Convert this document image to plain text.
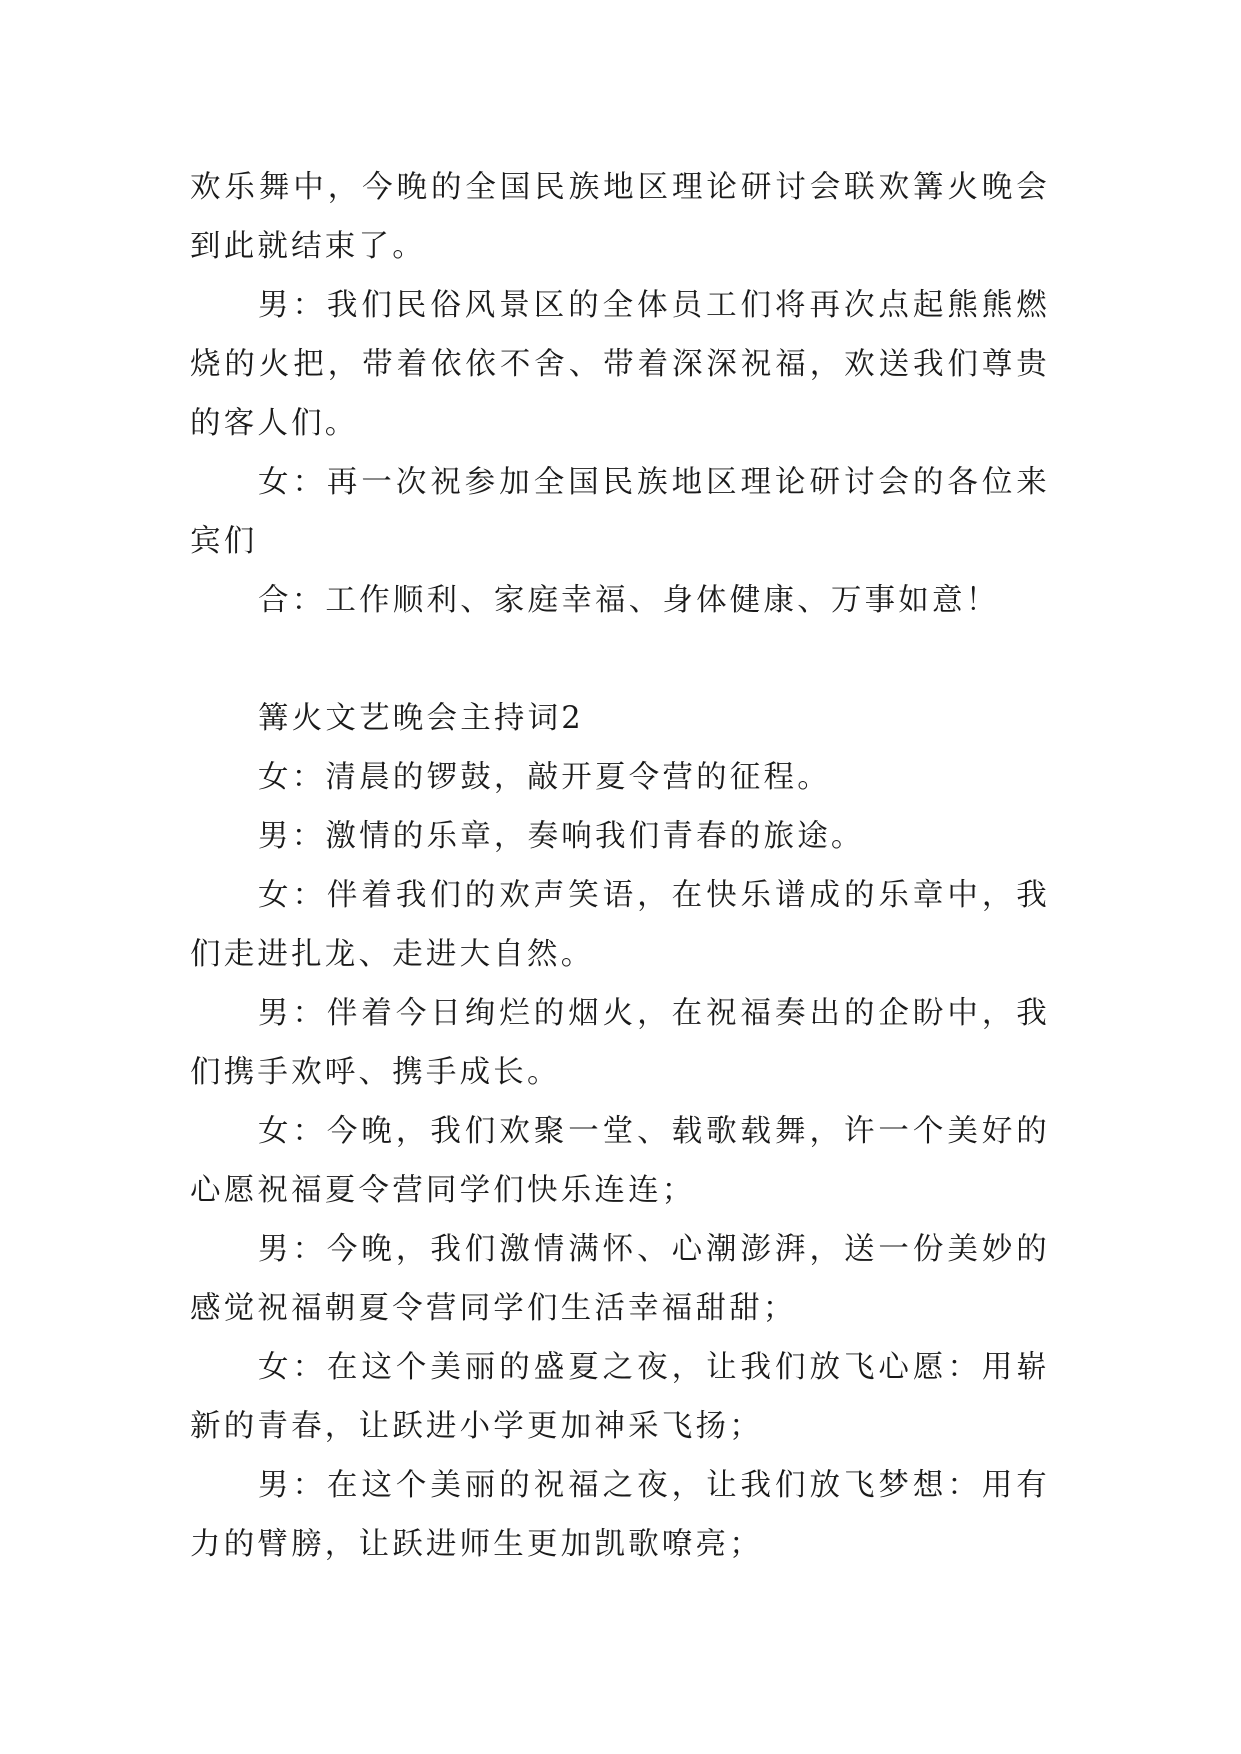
欢乐舞中，今晚的全国民族地区理论研讨会联欢篝火晚会到此就结束了。

男：我们民俗风景区的全体员工们将再次点起熊熊燃烧的火把，带着依依不舍、带着深深祝福，欢送我们尊贵的客人们。

女：再一次祝参加全国民族地区理论研讨会的各位来宾们

合：工作顺利、家庭幸福、身体健康、万事如意！

篝火文艺晚会主持词2

女：清晨的锣鼓，敲开夏令营的征程。

男：激情的乐章，奏响我们青春的旅途。

女：伴着我们的欢声笑语，在快乐谱成的乐章中，我们走进扎龙、走进大自然。

男：伴着今日绚烂的烟火，在祝福奏出的企盼中，我们携手欢呼、携手成长。

女：今晚，我们欢聚一堂、载歌载舞，许一个美好的心愿祝福夏令营同学们快乐连连；

男：今晚，我们激情满怀、心潮澎湃，送一份美妙的感觉祝福朝夏令营同学们生活幸福甜甜；

女：在这个美丽的盛夏之夜，让我们放飞心愿：用崭新的青春，让跃进小学更加神采飞扬；

男：在这个美丽的祝福之夜，让我们放飞梦想：用有力的臂膀，让跃进师生更加凯歌嘹亮；
